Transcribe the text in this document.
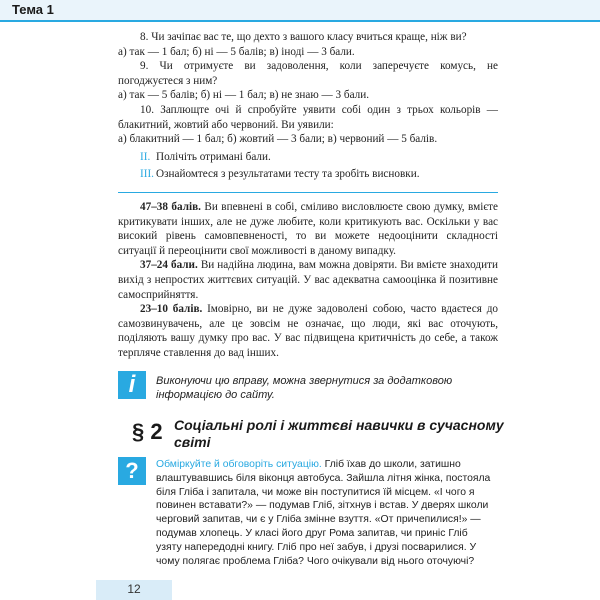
Тема 1

8. Чи зачіпає вас те, що дехто з вашого класу вчиться краще, ніж ви?

а) так — 1 бал; б) ні — 5 балів; в) іноді — 3 бали.

9. Чи отримуєте ви задоволення, коли заперечуєте комусь, не погоджуєтеся з ним?

а) так — 5 балів; б) ні — 1 бал; в) не знаю — 3 бали.

10. Заплющте очі й спробуйте уявити собі один з трьох кольорів — блакитний, жовтий або червоний. Ви уявили:

а) блакитний — 1 бал; б) жовтий — 3 бали; в) червоний — 5 балів.

II. Полічіть отримані бали.

III. Ознайомтеся з результатами тесту та зробіть висновки.

47–38 балів. Ви впевнені в собі, сміливо висловлюєте свою думку, вмієте критикувати інших, але не дуже любите, коли критикують вас. Оскільки у вас високий рівень самовпевненості, то ви можете недооцінити складності ситуації й переоцінити свої можливості в даному випадку.

37–24 бали. Ви надійна людина, вам можна довіряти. Ви вмієте знаходити вихід з непростих життєвих ситуацій. У вас адекватна самооцінка й позитивне самосприйняття.

23–10 балів. Імовірно, ви не дуже задоволені собою, часто вдаєтеся до самозвинувачень, але це зовсім не означає, що люди, які вас оточують, поділяють вашу думку про вас. У вас підвищена критичність до себе, а також терпляче ставлення до вад інших.

i	Виконуючи цю вправу, можна звернутися за додатковою інформацією до сайту.
§ 2 Соціальні ролі і життєві навички в сучасному світі
?	Обміркуйте й обговоріть ситуацію. Гліб їхав до школи, затишно влаштувавшись біля віконця автобуса. Зайшла літня жінка, постояла біля Гліба і запитала, чи може він поступитися їй місцем. «І чого я повинен вставати?» — подумав Гліб, зітхнув і встав. У дверях школи черговий запитав, чи є у Гліба змінне взуття. «От причепилися!» — подумав хлопець. У класі його друг Рома запитав, чи приніс Гліб узяту напередодні книгу. Гліб про неї забув, і друзі посварилися. У чому полягає проблема Гліба? Чого очікували від нього оточуючі?
12
